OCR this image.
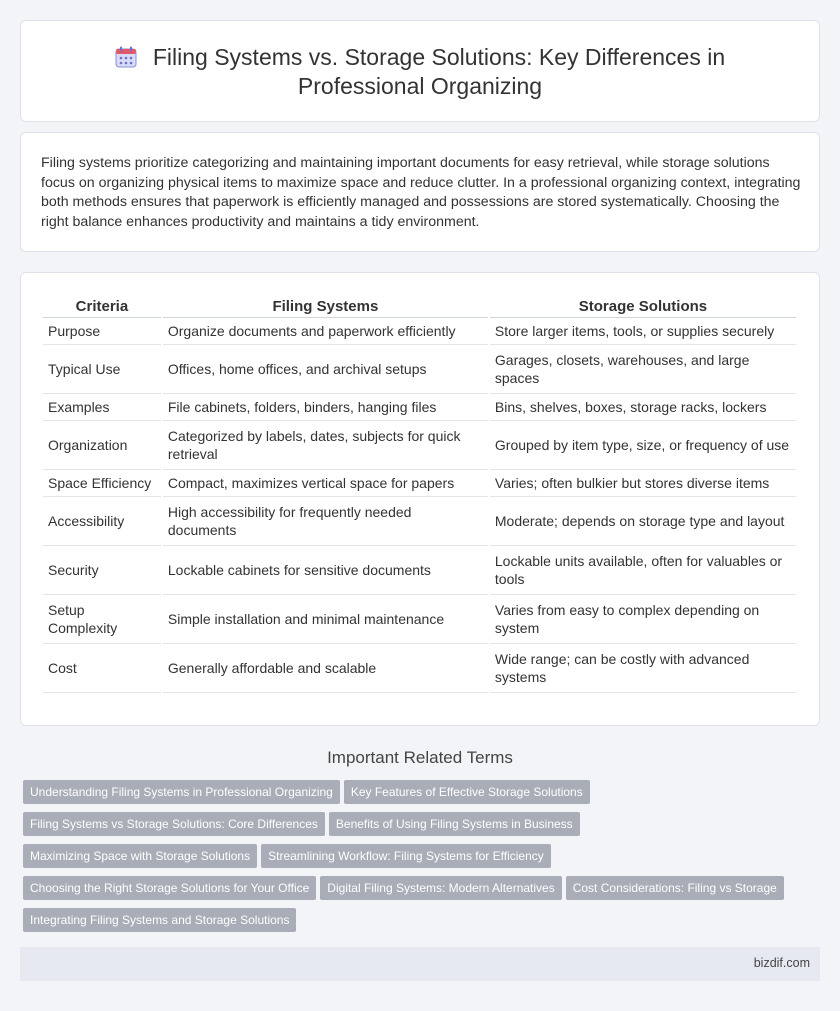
Filing Systems vs. Storage Solutions: Key Differences in
Professional Organizing

Filing systems prioritize categorizing and maintaining important documents for easy retrieval, while storage solutions focus on organizing physical items to maximize space and reduce clutter. In a professional organizing context, integrating both methods ensures that paperwork is efficiently managed and possessions are stored systematically. Choosing the right balance enhances productivity and maintains a tidy environment.

Criteria	Filing Systems	Storage Solutions
Purpose	Organize documents and paperwork efficiently	Store larger items, tools, or supplies securely
Typical Use	Offices, home offices, and archival setups	Garages, closets, warehouses, and large spaces
Examples	File cabinets, folders, binders, hanging files	Bins, shelves, boxes, storage racks, lockers
Organization	Categorized by labels, dates, subjects for quick retrieval	Grouped by item type, size, or frequency of use
Space Efficiency	Compact, maximizes vertical space for papers	Varies; often bulkier but stores diverse items
Accessibility	High accessibility for frequently needed documents	Moderate; depends on storage type and layout
Security	Lockable cabinets for sensitive documents	Lockable units available, often for valuables or tools
Setup Complexity	Simple installation and minimal maintenance	Varies from easy to complex depending on system
Cost	Generally affordable and scalable	Wide range; can be costly with advanced systems
Important Related Terms
Understanding Filing Systems in Professional Organizing Key Features of Effective Storage Solutions
Filing Systems vs Storage Solutions: Core Differences Benefits of Using Filing Systems in Business
Maximizing Space with Storage Solutions Streamlining Workflow: Filing Systems for Efficiency
Choosing the Right Storage Solutions for Your Office Digital Filing Systems: Modern Alternatives Cost Considerations: Filing vs Storage
Integrating Filing Systems and Storage Solutions
bizdif.com
